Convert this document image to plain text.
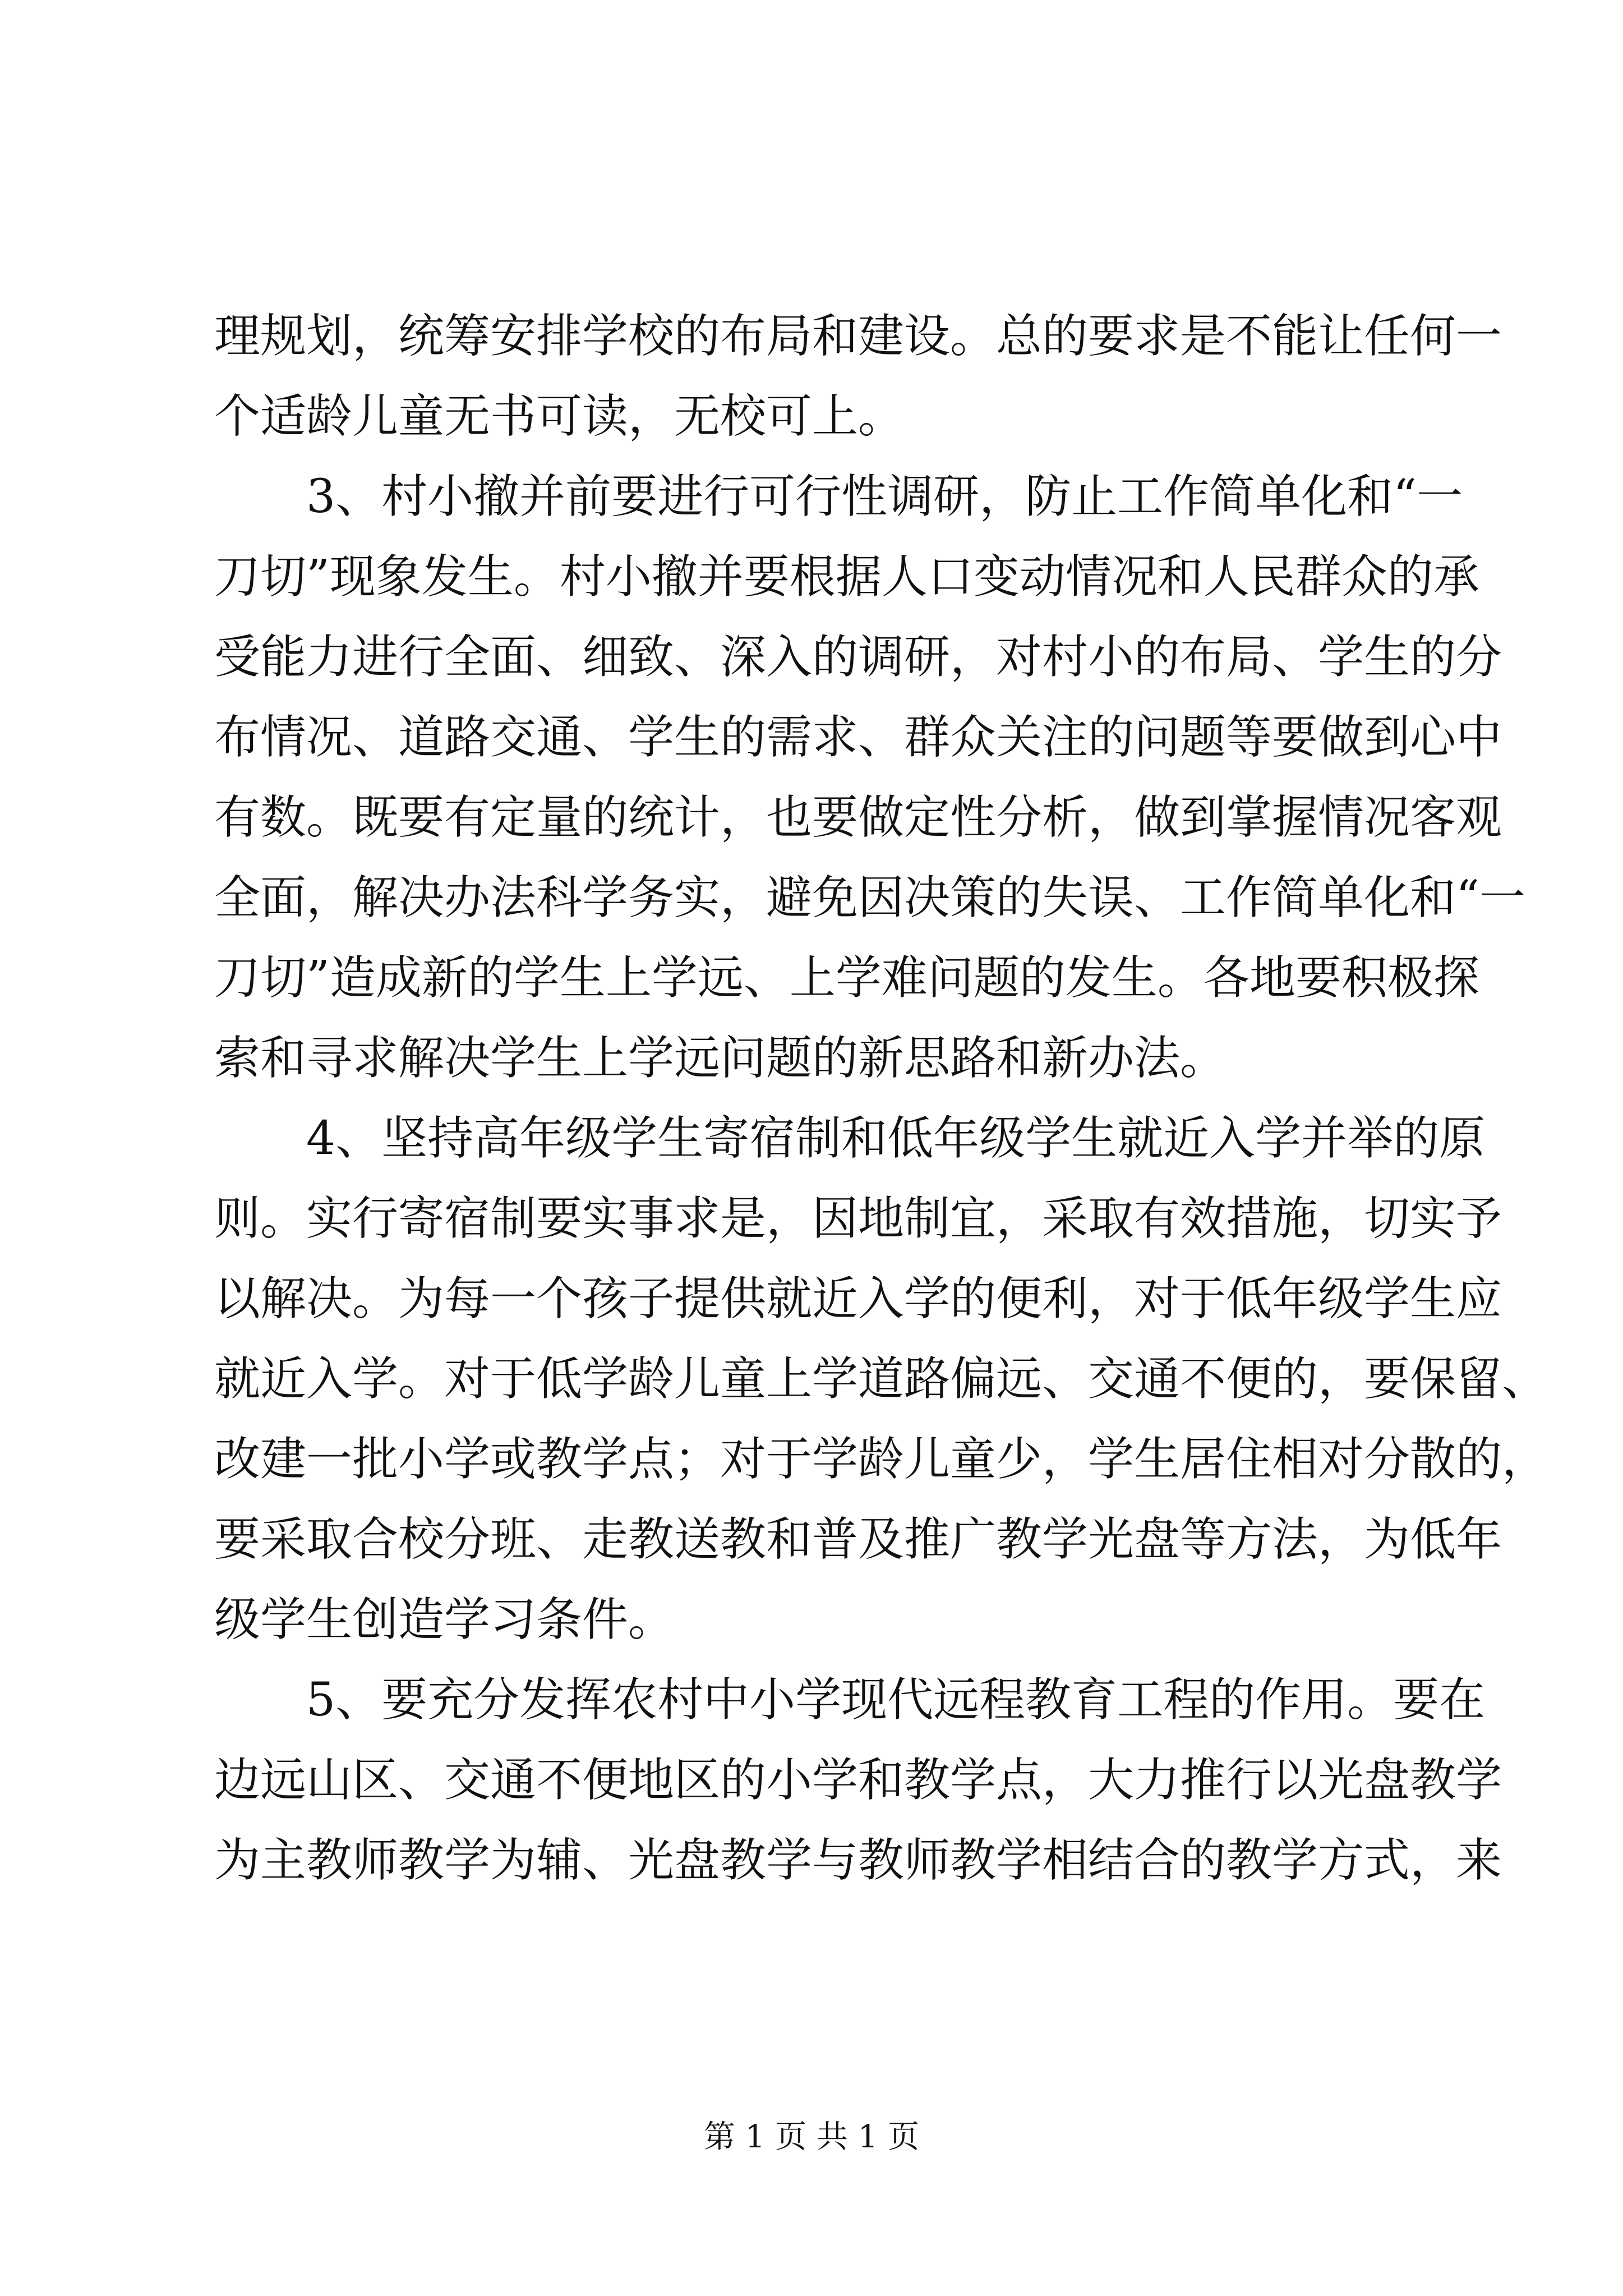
理规划，统筹安排学校的布局和建设。总的要求是不能让任何一
个适龄儿童无书可读，无校可上。
3、村小撤并前要进行可行性调研，防止工作简单化和“一
刀切”现象发生。村小撤并要根据人口变动情况和人民群众的承
受能力进行全面、细致、深入的调研，对村小的布局、学生的分
布情况、道路交通、学生的需求、群众关注的问题等要做到心中
有数。既要有定量的统计，也要做定性分析，做到掌握情况客观
全面，解决办法科学务实，避免因决策的失误、工作简单化和“一
刀切”造成新的学生上学远、上学难问题的发生。各地要积极探
索和寻求解决学生上学远问题的新思路和新办法。
4、坚持高年级学生寄宿制和低年级学生就近入学并举的原
则。实行寄宿制要实事求是，因地制宜，采取有效措施，切实予
以解决。为每一个孩子提供就近入学的便利，对于低年级学生应
就近入学。对于低学龄儿童上学道路偏远、交通不便的，要保留、
改建一批小学或教学点；对于学龄儿童少，学生居住相对分散的，
要采取合校分班、走教送教和普及推广教学光盘等方法，为低年
级学生创造学习条件。
5、要充分发挥农村中小学现代远程教育工程的作用。要在
边远山区、交通不便地区的小学和教学点，大力推行以光盘教学
为主教师教学为辅、光盘教学与教师教学相结合的教学方式，来
第 1 页 共 1 页
